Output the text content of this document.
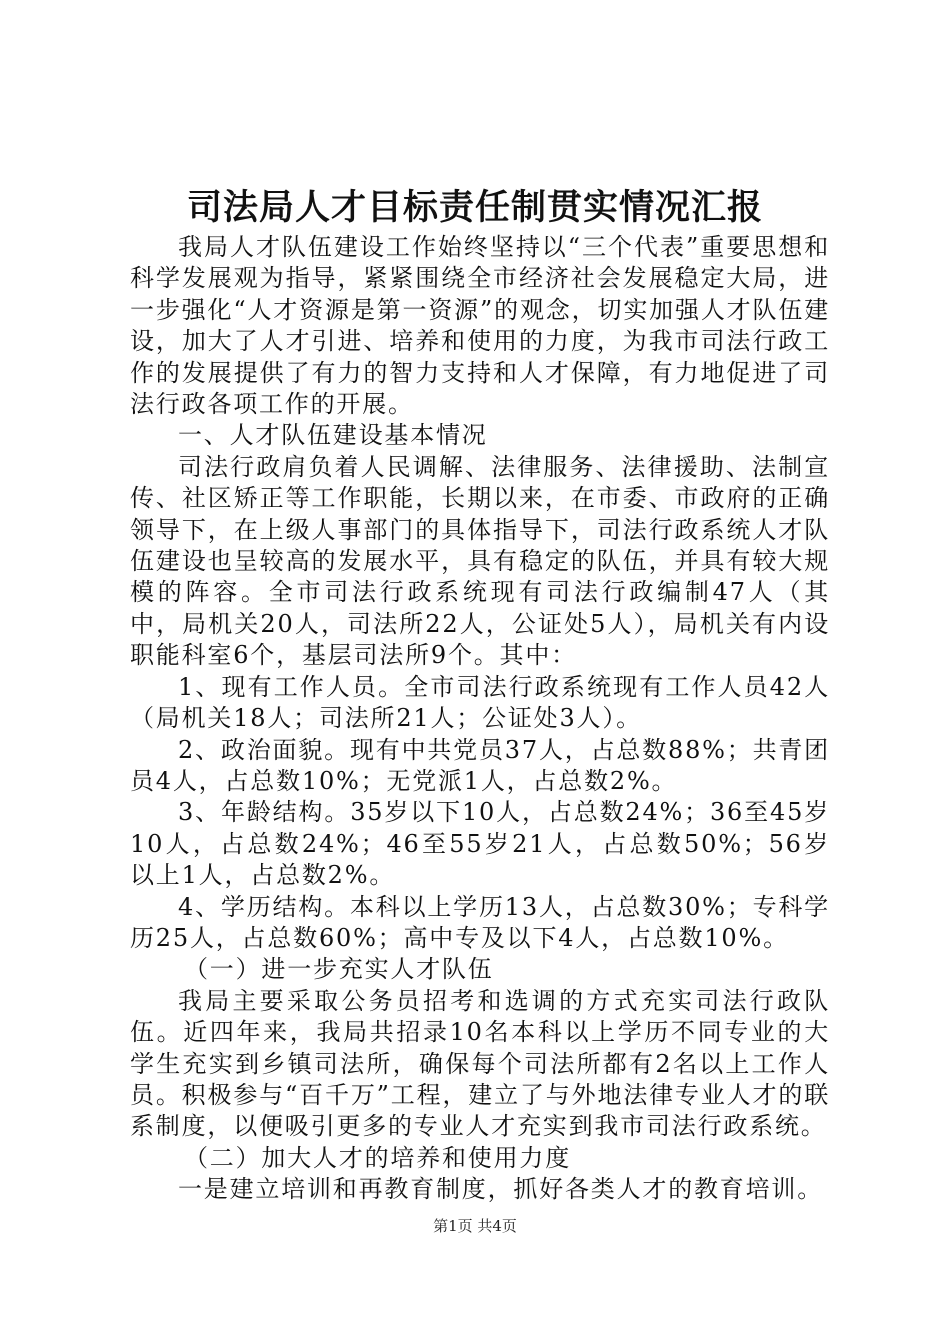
司法局人才目标责任制贯实情况汇报

我局人才队伍建设工作始终坚持以“三个代表”重要思想和科学发展观为指导，紧紧围绕全市经济社会发展稳定大局，进一步强化“人才资源是第一资源”的观念，切实加强人才队伍建设，加大了人才引进、培养和使用的力度，为我市司法行政工作的发展提供了有力的智力支持和人才保障，有力地促进了司法行政各项工作的开展。

一、人才队伍建设基本情况

司法行政肩负着人民调解、法律服务、法律援助、法制宣传、社区矫正等工作职能，长期以来，在市委、市政府的正确领导下，在上级人事部门的具体指导下，司法行政系统人才队伍建设也呈较高的发展水平，具有稳定的队伍，并具有较大规模的阵容。全市司法行政系统现有司法行政编制47人（其中，局机关20人，司法所22人，公证处5人），局机关有内设职能科室6个，基层司法所9个。其中：

1、现有工作人员。全市司法行政系统现有工作人员42人（局机关18人；司法所21人；公证处3人）。

2、政治面貌。现有中共党员37人，占总数88%；共青团员4人，占总数10%；无党派1人，占总数2%。

3、年龄结构。35岁以下10人，占总数24%；36至45岁10人，占总数24%；46至55岁21人，占总数50%；56岁以上1人，占总数2%。

4、学历结构。本科以上学历13人，占总数30%；专科学历25人，占总数60%；高中专及以下4人，占总数10%。

（一）进一步充实人才队伍

我局主要采取公务员招考和选调的方式充实司法行政队伍。近四年来，我局共招录10名本科以上学历不同专业的大学生充实到乡镇司法所，确保每个司法所都有2名以上工作人员。积极参与“百千万”工程，建立了与外地法律专业人才的联系制度，以便吸引更多的专业人才充实到我市司法行政系统。

（二）加大人才的培养和使用力度

一是建立培训和再教育制度，抓好各类人才的教育培训。

第1页 共4页
